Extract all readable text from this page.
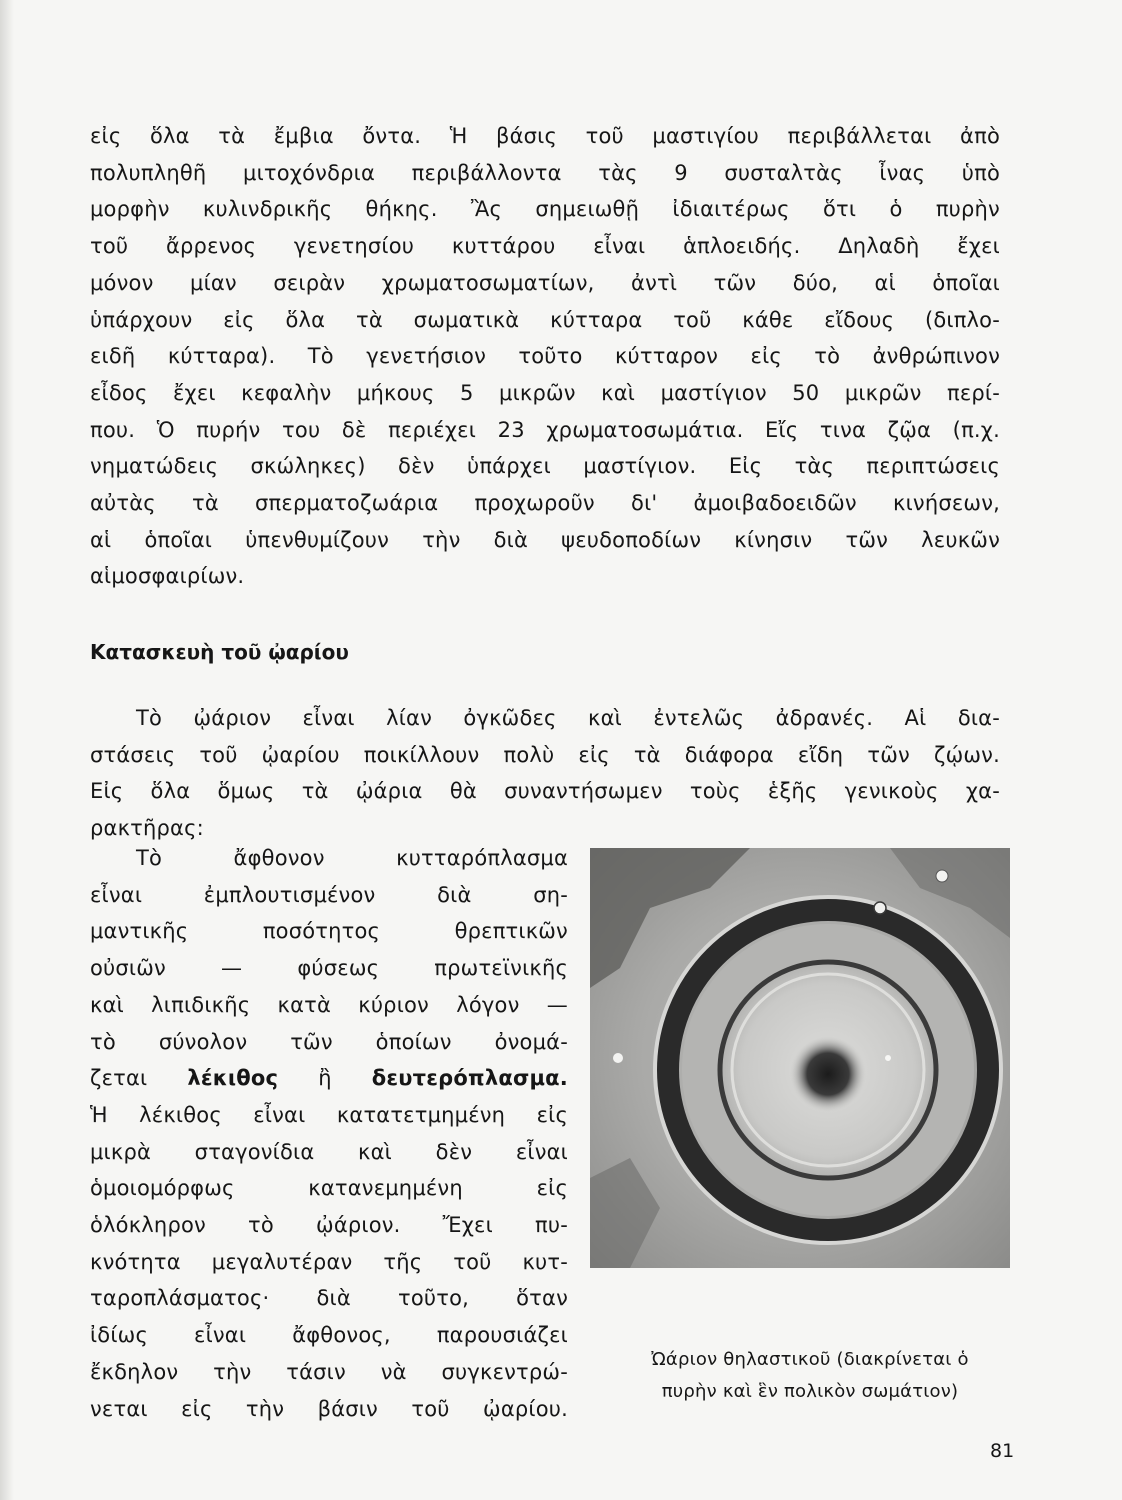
εἰς ὅλα τὰ ἔμβια ὄντα. Ἡ βάσις τοῦ μαστιγίου περιβάλλεται ἀπὸ
πολυπληθῆ μιτοχόνδρια περιβάλλοντα τὰς 9 συσταλτὰς ἶνας ὑπὸ
μορφὴν κυλινδρικῆς θήκης. Ἂς σημειωθῇ ἰδιαιτέρως ὅτι ὁ πυρὴν
τοῦ ἄρρενος γενετησίου κυττάρου εἶναι ἁπλοειδής. Δηλαδὴ ἔχει
μόνον μίαν σειρὰν χρωματοσωματίων, ἀντὶ τῶν δύο, αἱ ὁποῖαι
ὑπάρχουν εἰς ὅλα τὰ σωματικὰ κύτταρα τοῦ κάθε εἴδους (διπλο-
ειδῆ κύτταρα). Τὸ γενετήσιον τοῦτο κύτταρον εἰς τὸ ἀνθρώπινον
εἶδος ἔχει κεφαλὴν μήκους 5 μικρῶν καὶ μαστίγιον 50 μικρῶν περί-
που. Ὁ πυρήν του δὲ περιέχει 23 χρωματοσωμάτια. Εἴς τινα ζῷα (π.χ.
νηματώδεις σκώληκες) δὲν ὑπάρχει μαστίγιον. Εἰς τὰς περιπτώσεις
αὐτὰς τὰ σπερματοζωάρια προχωροῦν δι' ἀμοιβαδοειδῶν κινήσεων,
αἱ ὁποῖαι ὑπενθυμίζουν τὴν διὰ ψευδοποδίων κίνησιν τῶν λευκῶν
αἱμοσφαιρίων.
Κατασκευὴ τοῦ ᾠαρίου
Τὸ ᾠάριον εἶναι λίαν ὀγκῶδες καὶ ἐντελῶς ἀδρανές. Αἱ δια-
στάσεις τοῦ ᾠαρίου ποικίλλουν πολὺ εἰς τὰ διάφορα εἴδη τῶν ζῴων.
Εἰς ὅλα ὅμως τὰ ᾠάρια θὰ συναντήσωμεν τοὺς ἑξῆς γενικοὺς χα-
ρακτῆρας:
Τὸ ἄφθονον κυτταρόπλασμα
εἶναι ἐμπλουτισμένον διὰ ση-
μαντικῆς ποσότητος θρεπτικῶν
οὐσιῶν — φύσεως πρωτεϊνικῆς
καὶ λιπιδικῆς κατὰ κύριον λόγον —
τὸ σύνολον τῶν ὁποίων ὀνομά-
ζεται λέκιθος ἢ δευτερόπλασμα.
Ἡ λέκιθος εἶναι κατατετμημένη εἰς
μικρὰ σταγονίδια καὶ δὲν εἶναι
ὁμοιομόρφως κατανεμημένη εἰς
ὁλόκληρον τὸ ᾠάριον. Ἔχει πυ-
κνότητα μεγαλυτέραν τῆς τοῦ κυτ-
ταροπλάσματος· διὰ τοῦτο, ὅταν
ἰδίως εἶναι ἄφθονος, παρουσιάζει
ἔκδηλον τὴν τάσιν νὰ συγκεντρώ-
νεται εἰς τὴν βάσιν τοῦ ᾠαρίου.
Ὠάριον θηλαστικοῦ (διακρίνεται ὁ
πυρὴν καὶ ἓν πολικὸν σωμάτιον)
81
